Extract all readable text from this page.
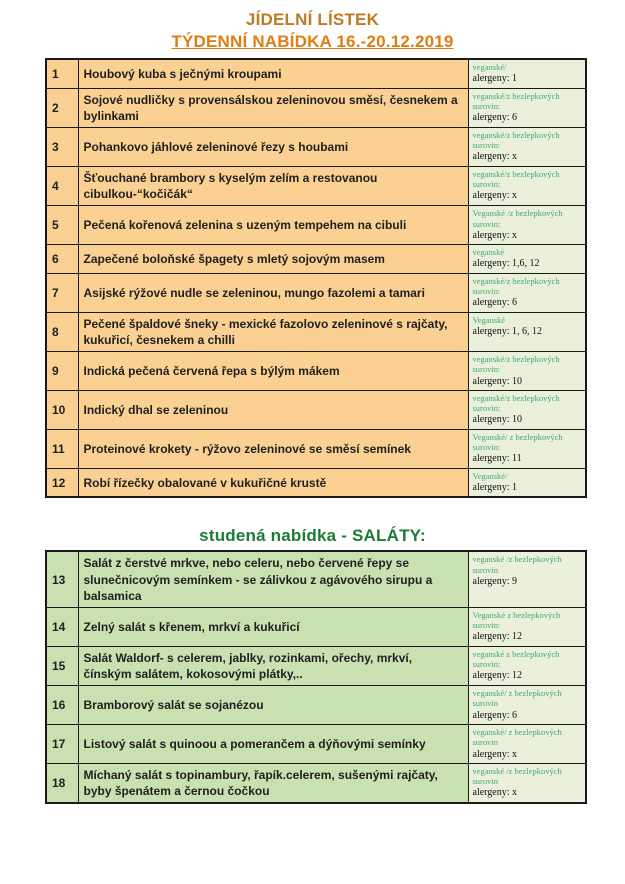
JÍDELNÍ LÍSTEK
TÝDENNÍ NABÍDKA 16.-20.12.2019
1	Houbový kuba s ječnými kroupami	veganské/
alergeny: 1

2	Sojové nudličky s provensálskou zeleninovou směsí, česnekem a bylinkami	veganské/z bezlepkových surovin:
alergeny: 6

3	Pohankovo jáhlové zeleninové řezy s houbami	veganské/z bezlepkových surovin:
alergeny: x

4	Šťouchané brambory s kyselým zelím a restovanou cibulkou-“kočičák“	veganské/z bezlepkových surovin:
alergeny: x

5	Pečená kořenová zelenina s uzeným tempehem na cibuli	Veganské /z bezlepkových surovin:
alergeny: x

6	Zapečené boloňské špagety s mletý sojovým masem	veganské
alergeny: 1,6, 12

7	Asijské rýžové nudle se zeleninou, mungo fazolemi a tamari	veganské/z bezlepkových surovin:
alergeny: 6

8	Pečené špaldové šneky - mexické fazolovo zeleninové s rajčaty, kukuřicí, česnekem a chilli	Veganské
alergeny: 1, 6, 12

9	Indická pečená červená řepa s býlým mákem	veganské/z bezlepkových surovin:
alergeny: 10

10	Indický dhal se zeleninou	veganské/z bezlepkových surovin:
alergeny: 10

11	Proteinové krokety - rýžovo zeleninové se směsí semínek	Veganské/ z bezlepkových surovin:
alergeny: 11

12	Robí řízečky obalované v kukuřičné krustě	Veganské/
alergeny: 1
studená nabídka - SALÁTY:
13	Salát z čerstvé mrkve, nebo celeru, nebo červené řepy se slunečnicovým semínkem - se zálivkou z agávového sirupu a balsamica	veganské /z bezlepkových surovin
alergeny: 9

14	Zelný salát s křenem, mrkví a kukuřicí	Veganské z bezlepkových surovin:
alergeny: 12

15	Salát Waldorf- s celerem, jablky, rozinkami, ořechy, mrkví, čínským salátem, kokosovými plátky,..	veganské z bezlepkových surovin:
alergeny: 12

16	Bramborový salát se sojanézou	veganské/ z bezlepkových surovin
alergeny: 6

17	Listový salát s quinoou a pomerančem a dýňovými semínky	veganské/ z bezlepkových surovin
alergeny: x

18	Míchaný salát s topinambury, řapík.celerem, sušenými rajčaty, byby špenátem a černou čočkou	veganské /z bezlepkových surovin
alergeny: x
